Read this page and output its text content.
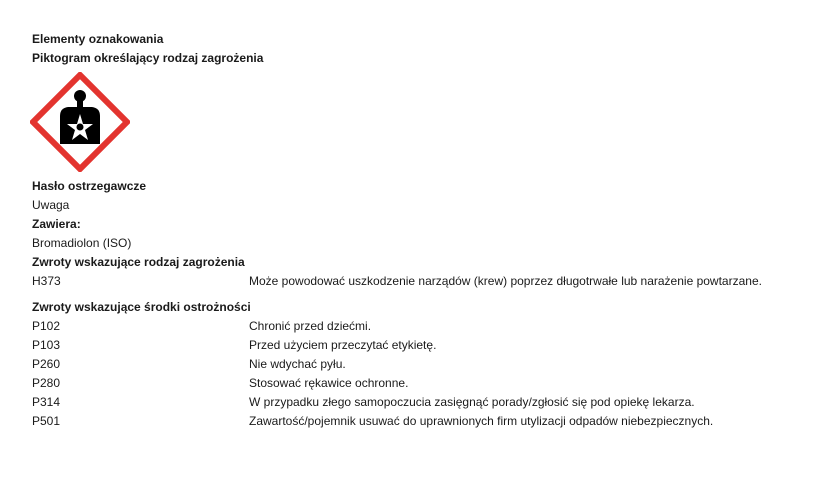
Elementy oznakowania
Piktogram określający rodzaj zagrożenia
Hasło ostrzegawcze
Uwaga
Zawiera:
Bromadiolon (ISO)
Zwroty wskazujące rodzaj zagrożenia
H373	Może powodować uszkodzenie narządów (krew) poprzez długotrwałe lub narażenie powtarzane.
Zwroty wskazujące środki ostrożności
P102	Chronić przed dziećmi.
P103	Przed użyciem przeczytać etykietę.
P260	Nie wdychać pyłu.
P280	Stosować rękawice ochronne.
P314	W przypadku złego samopoczucia zasięgnąć porady/zgłosić się pod opiekę lekarza.
P501	Zawartość/pojemnik usuwać do uprawnionych firm utylizacji odpadów niebezpiecznych.
